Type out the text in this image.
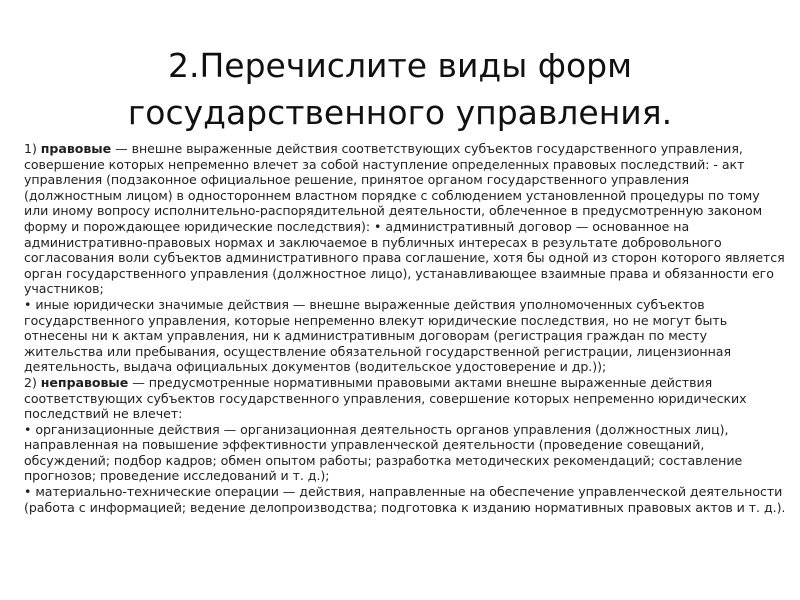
2.Перечислите виды форм
государственного управления.

1) правовые — внешне выраженные действия соответствующих субъектов государственного управления, совершение которых непременно влечет за собой наступление определенных правовых последствий: - акт управления (подзаконное официальное решение, принятое органом государственного управления (должностным лицом) в одностороннем властном порядке с соблюдением установленной процедуры по тому или иному вопросу исполнительно-распорядительной деятельности, облеченное в предусмотренную законом форму и порождающее юридические последствия): • административный договор — основанное на административно-правовых нормах и заключаемое в публичных интересах в результате добровольного согласования воли субъектов административного права соглашение, хотя бы одной из сторон которого является орган государственного управления (должностное лицо), устанавливающее взаимные права и обязанности его участников;

• иные юридически значимые действия — внешне выраженные действия уполномоченных субъектов государственного управления, которые непременно влекут юридические последствия, но не могут быть отнесены ни к актам управления, ни к административным договорам (регистрация граждан по месту жительства или пребывания, осуществление обязательной государственной регистрации, лицензионная деятельность, выдача официальных документов (водительское удостоверение и др.));

2) неправовые — предусмотренные нормативными правовыми актами внешне выраженные действия соответствующих субъектов государственного управления, совершение которых непременно юридических последствий не влечет:

• организационные действия — организационная деятельность органов управления (должностных лиц), направленная на повышение эффективности управленческой деятельности (проведение совещаний, обсуждений; подбор кадров; обмен опытом работы; разработка методических рекомендаций; составление прогнозов; проведение исследований и т. д.);

• материально-технические операции — действия, направленные на обеспечение управленческой деятельности (работа с информацией; ведение делопроизводства; подготовка к изданию нормативных правовых актов и т. д.).
